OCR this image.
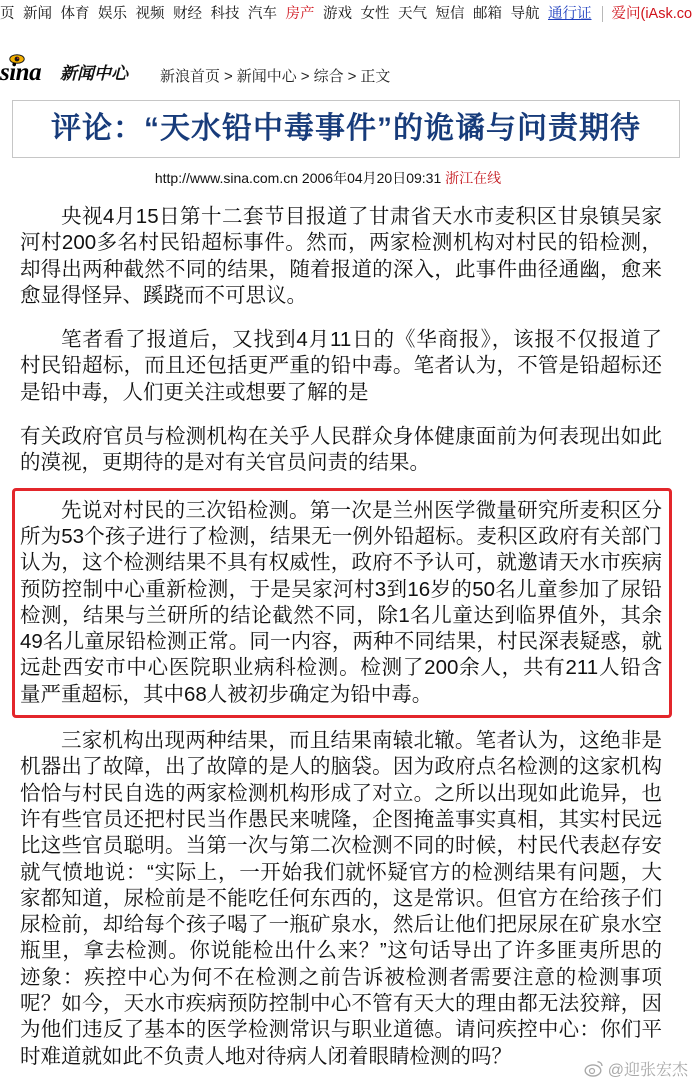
页 新闻 体育 娱乐 视频 财经 科技 汽车 房产 游戏 女性 天气 短信 邮箱 导航 通行证 爱问(iAsk.co
sina 新闻中心 新浪首页 > 新闻中心 > 综合 > 正文
评论：“天水铅中毒事件”的诡谲与问责期待
http://www.sina.com.cn 2006年04月20日09:31 浙江在线
央视4月15日第十二套节目报道了甘肃省天水市麦积区甘泉镇吴家
河村200多名村民铅超标事件。然而，两家检测机构对村民的铅检测，
却得出两种截然不同的结果，随着报道的深入，此事件曲径通幽，愈来
愈显得怪异、蹊跷而不可思议。
笔者看了报道后，又找到4月11日的《华商报》，该报不仅报道了
村民铅超标，而且还包括更严重的铅中毒。笔者认为，不管是铅超标还
是铅中毒，人们更关注或想要了解的是
有关政府官员与检测机构在关乎人民群众身体健康面前为何表现出如此
的漠视，更期待的是对有关官员问责的结果。
先说对村民的三次铅检测。第一次是兰州医学微量研究所麦积区分
所为53个孩子进行了检测，结果无一例外铅超标。麦积区政府有关部门
认为，这个检测结果不具有权威性，政府不予认可，就邀请天水市疾病
预防控制中心重新检测，于是吴家河村3到16岁的50名儿童参加了尿铅
检测，结果与兰研所的结论截然不同，除1名儿童达到临界值外，其余
49名儿童尿铅检测正常。同一内容，两种不同结果，村民深表疑惑，就
远赴西安市中心医院职业病科检测。检测了200余人，共有211人铅含
量严重超标，其中68人被初步确定为铅中毒。
三家机构出现两种结果，而且结果南辕北辙。笔者认为，这绝非是
机器出了故障，出了故障的是人的脑袋。因为政府点名检测的这家机构
恰恰与村民自选的两家检测机构形成了对立。之所以出现如此诡异，也
许有些官员还把村民当作愚民来唬隆，企图掩盖事实真相，其实村民远
比这些官员聪明。当第一次与第二次检测不同的时候，村民代表赵存安
就气愤地说：“实际上，一开始我们就怀疑官方的检测结果有问题，大
家都知道，尿检前是不能吃任何东西的，这是常识。但官方在给孩子们
尿检前，却给每个孩子喝了一瓶矿泉水，然后让他们把尿尿在矿泉水空
瓶里，拿去检测。你说能检出什么来？”这句话导出了许多匪夷所思的
迹象：疾控中心为何不在检测之前告诉被检测者需要注意的检测事项
呢？如今，天水市疾病预防控制中心不管有天大的理由都无法狡辩，因
为他们违反了基本的医学检测常识与职业道德。请问疾控中心：你们平
时难道就如此不负责人地对待病人闭着眼睛检测的吗？
@迎张宏杰
